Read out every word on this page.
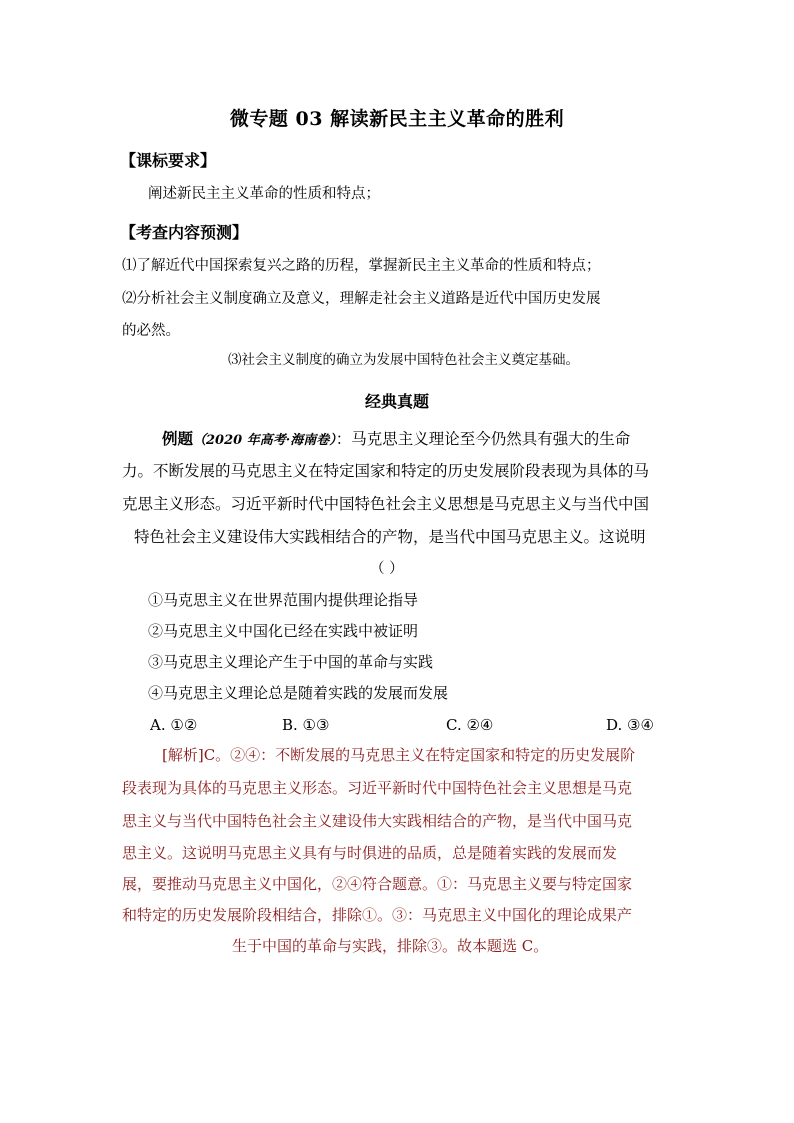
微专题 03 解读新民主主义革命的胜利
【课标要求】
阐述新民主主义革命的性质和特点；
【考查内容预测】
⑴了解近代中国探索复兴之路的历程，掌握新民主主义革命的性质和特点；
⑵分析社会主义制度确立及意义，理解走社会主义道路是近代中国历史发展
的必然。
⑶社会主义制度的确立为发展中国特色社会主义奠定基础。
经典真题
例题（2020 年高考·海南卷）：马克思主义理论至今仍然具有强大的生命
力。不断发展的马克思主义在特定国家和特定的历史发展阶段表现为具体的马
克思主义形态。习近平新时代中国特色社会主义思想是马克思主义与当代中国
特色社会主义建设伟大实践相结合的产物，是当代中国马克思主义。这说明
（ ）
①马克思主义在世界范围内提供理论指导
②马克思主义中国化已经在实践中被证明
③马克思主义理论产生于中国的革命与实践
④马克思主义理论总是随着实践的发展而发展
A. ①②	B. ①③	C. ②④	D. ③④
[解析]C。②④：不断发展的马克思主义在特定国家和特定的历史发展阶
段表现为具体的马克思主义形态。习近平新时代中国特色社会主义思想是马克
思主义与当代中国特色社会主义建设伟大实践相结合的产物，是当代中国马克
思主义。这说明马克思主义具有与时俱进的品质，总是随着实践的发展而发
展，要推动马克思主义中国化，②④符合题意。①：马克思主义要与特定国家
和特定的历史发展阶段相结合，排除①。③：马克思主义中国化的理论成果产
生于中国的革命与实践，排除③。故本题选 C。
